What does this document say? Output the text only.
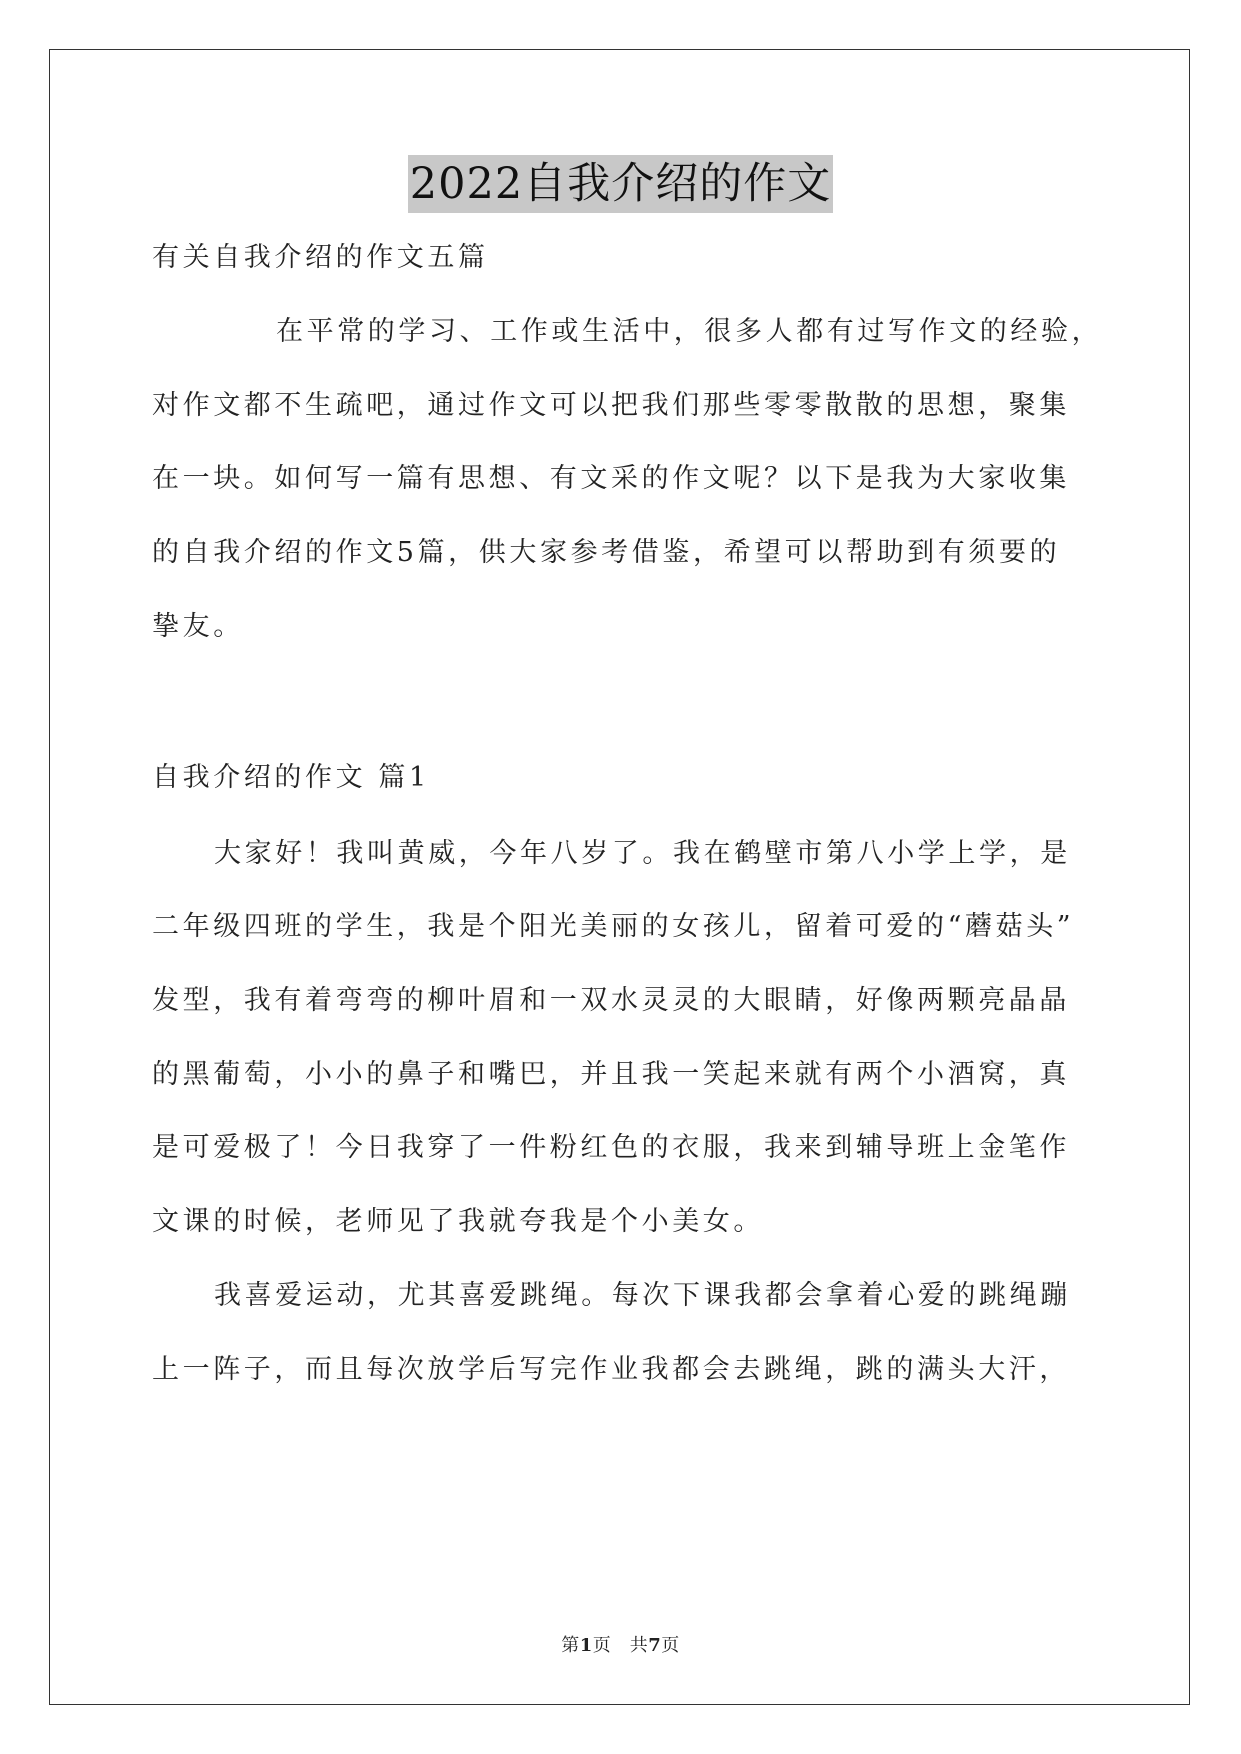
2022自我介绍的作文
有关自我介绍的作文五篇
在平常的学习、工作或生活中，很多人都有过写作文的经验，
对作文都不生疏吧，通过作文可以把我们那些零零散散的思想，聚集
在一块。如何写一篇有思想、有文采的作文呢？以下是我为大家收集
的自我介绍的作文5篇，供大家参考借鉴，希望可以帮助到有须要的
挚友。
自我介绍的作文 篇1
大家好！我叫黄威，今年八岁了。我在鹤壁市第八小学上学，是
二年级四班的学生，我是个阳光美丽的女孩儿，留着可爱的“蘑菇头”
发型，我有着弯弯的柳叶眉和一双水灵灵的大眼睛，好像两颗亮晶晶
的黑葡萄，小小的鼻子和嘴巴，并且我一笑起来就有两个小酒窝，真
是可爱极了！今日我穿了一件粉红色的衣服，我来到辅导班上金笔作
文课的时候，老师见了我就夸我是个小美女。
我喜爱运动，尤其喜爱跳绳。每次下课我都会拿着心爱的跳绳蹦
上一阵子，而且每次放学后写完作业我都会去跳绳，跳的满头大汗，
第1页　共7页
